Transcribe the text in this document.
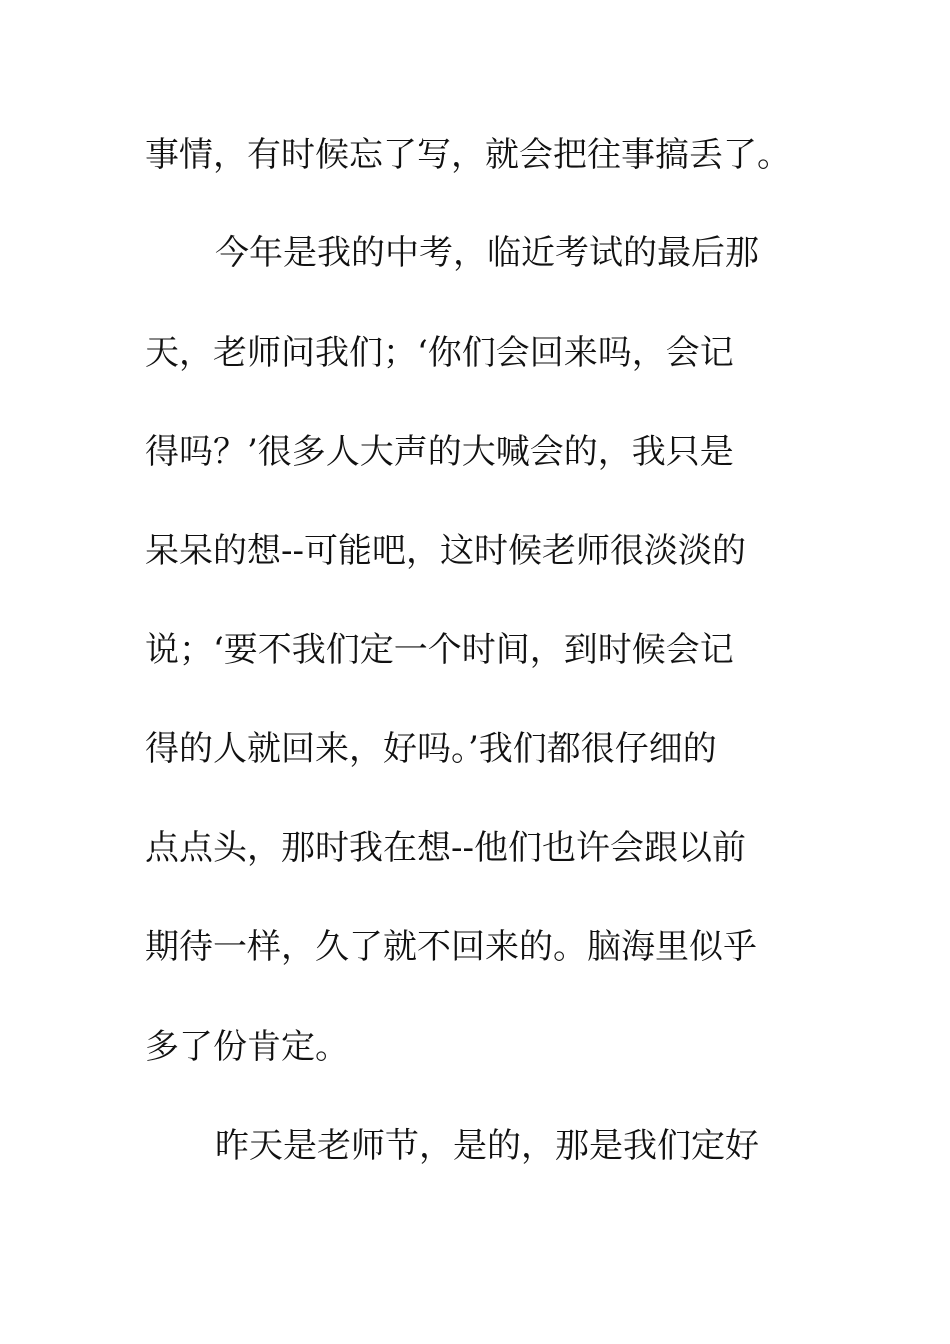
事情，有时候忘了写，就会把往事搞丢了。
今年是我的中考，临近考试的最后那
天，老师问我们；‘你们会回来吗，会记
得吗？’很多人大声的大喊会的，我只是
呆呆的想--可能吧，这时候老师很淡淡的
说；‘要不我们定一个时间，到时候会记
得的人就回来，好吗。’我们都很仔细的
点点头，那时我在想--他们也许会跟以前
期待一样，久了就不回来的。脑海里似乎
多了份肯定。
昨天是老师节，是的，那是我们定好
